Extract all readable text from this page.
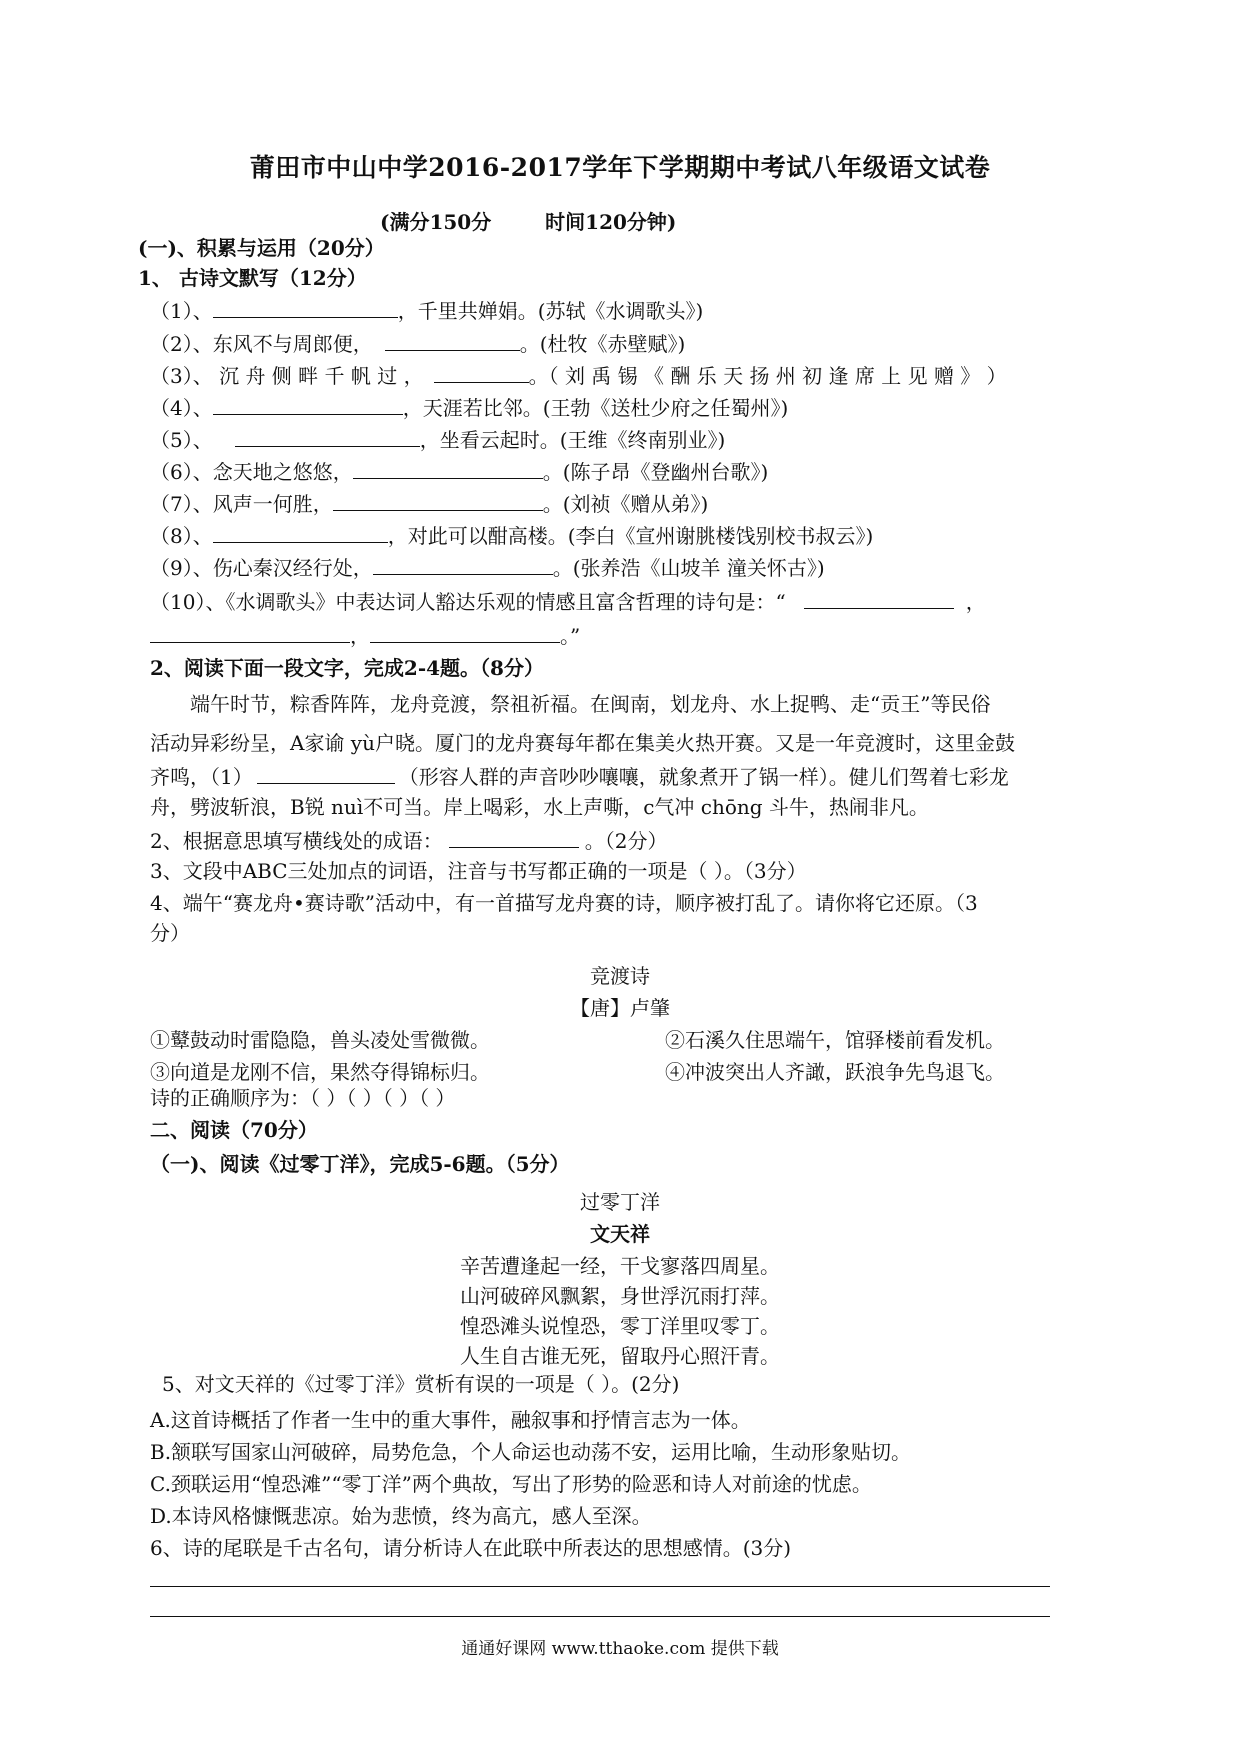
莆田市中山中学2016-2017学年下学期期中考试八年级语文试卷
(满分150分	时间120分钟)
(一)、积累与运用（20分）
1、 古诗文默写（12分）
（1）、	，千里共婵娟。(苏轼《水调歌头》)
（2）、东风不与周郎便，	。(杜牧《赤壁赋》)
（3）、 沉 舟 侧 畔 千 帆 过 ，	。（ 刘 禹 锡 《 酬 乐 天 扬 州 初 逢 席 上 见 赠 》 ）
（4）、	，天涯若比邻。(王勃《送杜少府之任蜀州》)
（5）、	，坐看云起时。(王维《终南别业》)
（6）、念天地之悠悠，	。(陈子昂《登幽州台歌》)
（7）、风声一何胜，	。(刘祯《赠从弟》)
（8）、	，对此可以酣高楼。(李白《宣州谢朓楼饯别校书叔云》)
（9）、伤心秦汉经行处，	。(张养浩《山坡羊 潼关怀古》)
（10）、《水调歌头》中表达词人豁达乐观的情感且富含哲理的诗句是：“	，
，	。”
2、阅读下面一段文字，完成2-4题。（8分）

端午时节，粽香阵阵，龙舟竞渡，祭祖祈福。在闽南，划龙舟、水上捉鸭、走“贡王”等民俗

活动异彩纷呈，A家谕 yù户晓。厦门的龙舟赛每年都在集美火热开赛。又是一年竞渡时，这里金鼓
齐鸣，（1）	（形容人群的声音吵吵嚷嚷，就象煮开了锅一样）。健儿们驾着七彩龙
舟，劈波斩浪，B锐 nuì不可当。岸上喝彩，水上声嘶，c气冲 chōng 斗牛，热闹非凡。
2、根据意思填写横线处的成语：	。（2分）
3、文段中ABC三处加点的词语，注音与书写都正确的一项是（ ）。（3分）
4、端午“赛龙舟•赛诗歌”活动中，有一首描写龙舟赛的诗，顺序被打乱了。请你将它还原。（3
分）
竞渡诗
【唐】卢肇
①鼙鼓动时雷隐隐，兽头凌处雪微微。	②石溪久住思端午，馆驿楼前看发机。
③向道是龙刚不信，果然夺得锦标归。	④冲波突出人齐譀，跃浪争先鸟退飞。
诗的正确顺序为：（ ）（ ）（ ）（ ）
二、阅读（70分）
（一)、阅读《过零丁洋》，完成5-6题。（5分）
过零丁洋
文天祥
辛苦遭逢起一经，干戈寥落四周星。
山河破碎风飘絮，身世浮沉雨打萍。
惶恐滩头说惶恐，零丁洋里叹零丁。
人生自古谁无死，留取丹心照汗青。
5、对文天祥的《过零丁洋》赏析有误的一项是（ ）。(2分)
A.这首诗概括了作者一生中的重大事件，融叙事和抒情言志为一体。
B.颔联写国家山河破碎，局势危急，个人命运也动荡不安，运用比喻，生动形象贴切。
C.颈联运用“惶恐滩”“零丁洋”两个典故，写出了形势的险恶和诗人对前途的忧虑。
D.本诗风格慷慨悲凉。始为悲愤，终为高亢，感人至深。
6、诗的尾联是千古名句，请分析诗人在此联中所表达的思想感情。(3分)
通通好课网 www.tthaoke.com 提供下载
